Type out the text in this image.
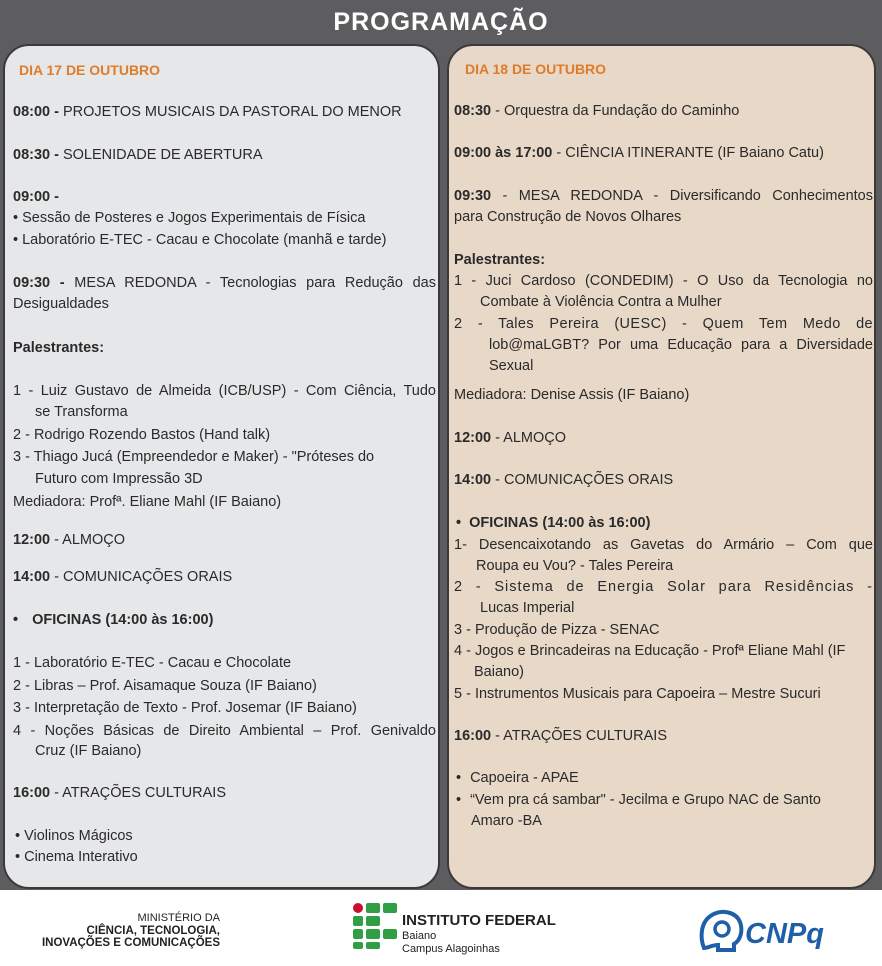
PROGRAMAÇÃO
DIA 17 DE OUTUBRO
08:00 - PROJETOS MUSICAIS DA PASTORAL DO MENOR
08:30 - SOLENIDADE DE ABERTURA
09:00 -
• Sessão de Posteres e Jogos Experimentais de Física
• Laboratório E-TEC - Cacau e Chocolate (manhã e tarde)
09:30 - MESA REDONDA - Tecnologias para Redução das
Desigualdades
Palestrantes:
1 - Luiz Gustavo de Almeida (ICB/USP) - Com Ciência, Tudo
se Transforma
2 - Rodrigo Rozendo Bastos (Hand talk)
3 - Thiago Jucá (Empreendedor e Maker) - "Próteses do
Futuro com Impressão 3D
Mediadora: Profª. Eliane Mahl (IF Baiano)
12:00 - ALMOÇO
14:00 - COMUNICAÇÕES ORAIS
• OFICINAS (14:00 às 16:00)
1 - Laboratório E-TEC - Cacau e Chocolate
2 - Libras – Prof. Aisamaque Souza (IF Baiano)
3 - Interpretação de Texto - Prof. Josemar (IF Baiano)
4 - Noções Básicas de Direito Ambiental – Prof. Genivaldo
Cruz (IF Baiano)
16:00 - ATRAÇÕES CULTURAIS
• Violinos Mágicos
• Cinema Interativo
DIA 18 DE OUTUBRO
08:30 - Orquestra da Fundação do Caminho
09:00 às 17:00 - CIÊNCIA ITINERANTE (IF Baiano Catu)
09:30 - MESA REDONDA - Diversificando Conhecimentos
para Construção de Novos Olhares
Palestrantes:
1 - Juci Cardoso (CONDEDIM) - O Uso da Tecnologia no
Combate à Violência Contra a Mulher
2 - Tales Pereira (UESC) - Quem Tem Medo de
lob@maLGBT? Por uma Educação para a Diversidade
Sexual
Mediadora: Denise Assis (IF Baiano)
12:00 - ALMOÇO
14:00 - COMUNICAÇÕES ORAIS
• OFICINAS (14:00 às 16:00)
1- Desencaixotando as Gavetas do Armário – Com que
Roupa eu Vou? - Tales Pereira
2 - Sistema de Energia Solar para Residências -
Lucas Imperial
3 - Produção de Pizza - SENAC
4 - Jogos e Brincadeiras na Educação - Profª Eliane Mahl (IF
Baiano)
5 - Instrumentos Musicais para Capoeira – Mestre Sucuri
16:00 - ATRAÇÕES CULTURAIS
• Capoeira - APAE
• “Vem pra cá sambar" - Jecilma e Grupo NAC de Santo
Amaro -BA
MINISTÉRIO DA
CIÊNCIA, TECNOLOGIA,
INOVAÇÕES E COMUNICAÇÕES
INSTITUTO FEDERAL
Baiano
Campus Alagoinhas	CNPq
